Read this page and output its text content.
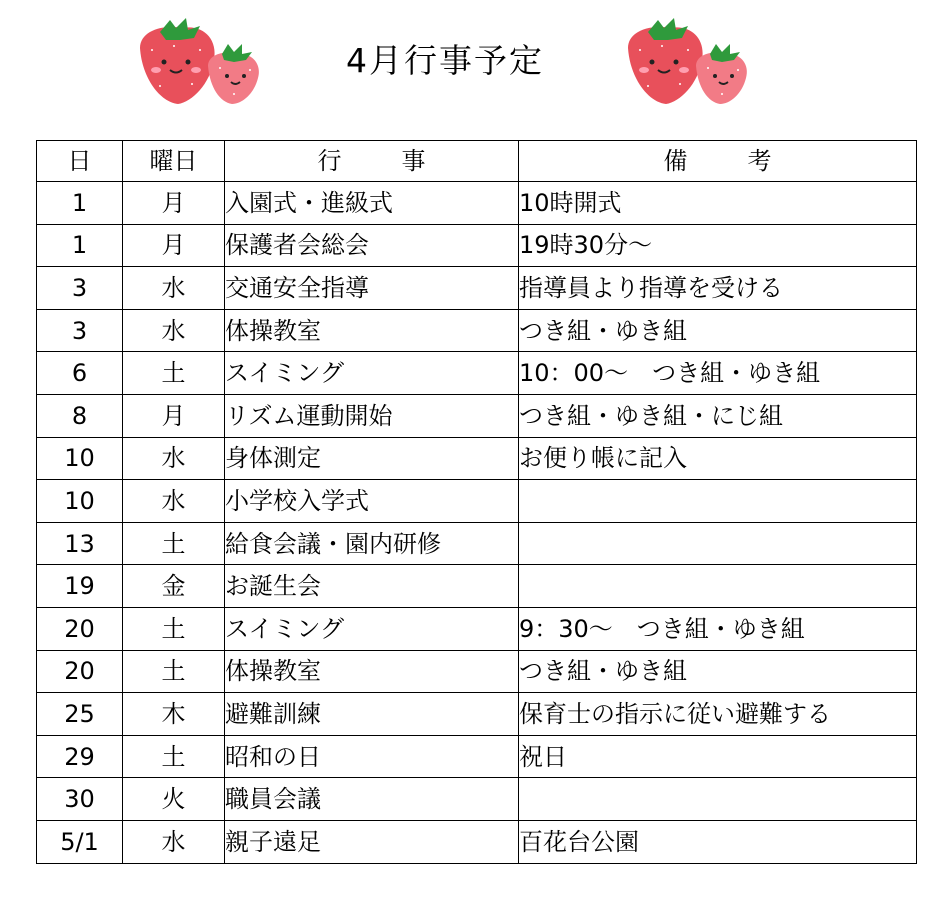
4月行事予定
日	曜日	行事	備考
1	月	入園式・進級式	10時開式
1	月	保護者会総会	19時30分～
3	水	交通安全指導	指導員より指導を受ける
3	水	体操教室	つき組・ゆき組
6	土	スイミング	10：00～　つき組・ゆき組
8	月	リズム運動開始	つき組・ゆき組・にじ組
10	水	身体測定	お便り帳に記入
10	水	小学校入学式	
13	土	給食会議・園内研修	
19	金	お誕生会	
20	土	スイミング	9：30～　つき組・ゆき組
20	土	体操教室	つき組・ゆき組
25	木	避難訓練	保育士の指示に従い避難する
29	土	昭和の日	祝日
30	火	職員会議	
5/1	水	親子遠足	百花台公園
